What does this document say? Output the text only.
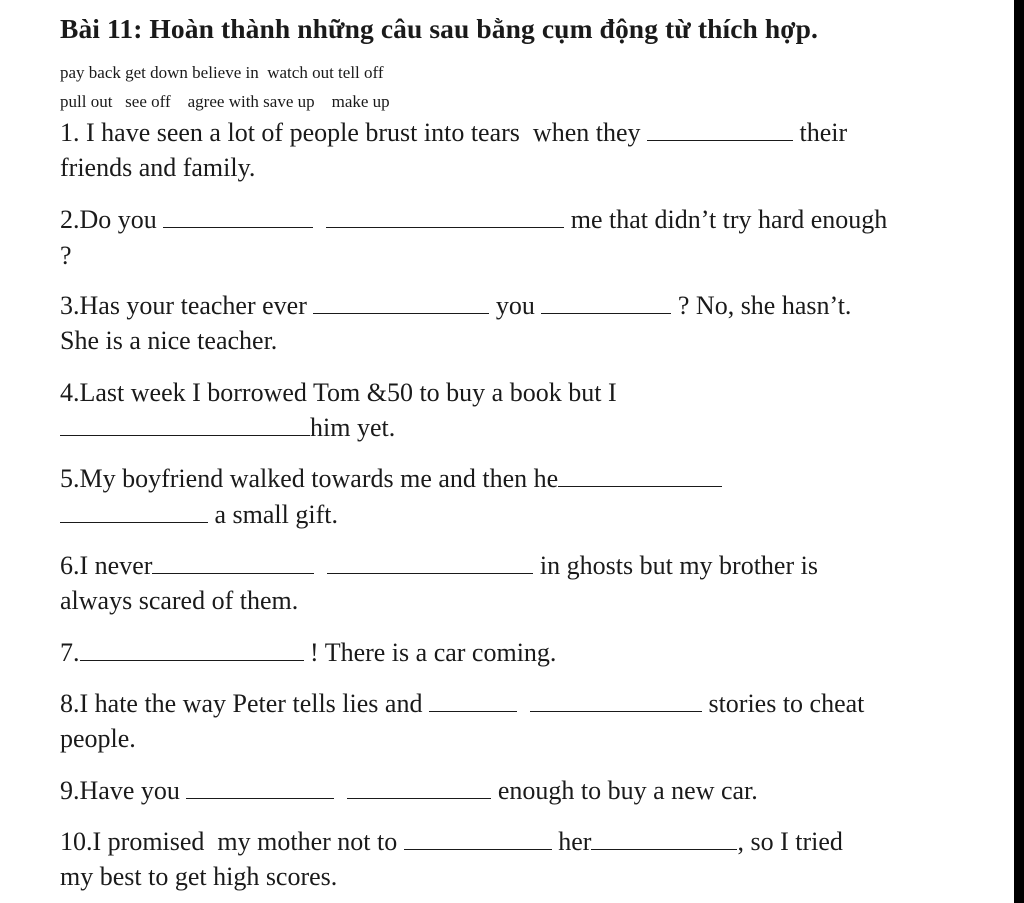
Bài 11: Hoàn thành những câu sau bằng cụm động từ thích hợp.
pay back get down believe in  watch out tell off
pull out   see off    agree with save up    make up
1. I have seen a lot of people brust into tears  when they	their
friends and family.
2.Do you	me that didn’t try hard enough
?
3.Has your teacher ever	you	? No, she hasn’t.
She is a nice teacher.
4.Last week I borrowed Tom &50 to buy a book but I
him yet.
5.My boyfriend walked towards me and then he
a small gift.
6.I never	in ghosts but my brother is
always scared of them.
7.	! There is a car coming.
8.I hate the way Peter tells lies and	stories to cheat
people.
9.Have you	enough to buy a new car.
10.I promised  my mother not to	her	, so I tried
my best to get high scores.
